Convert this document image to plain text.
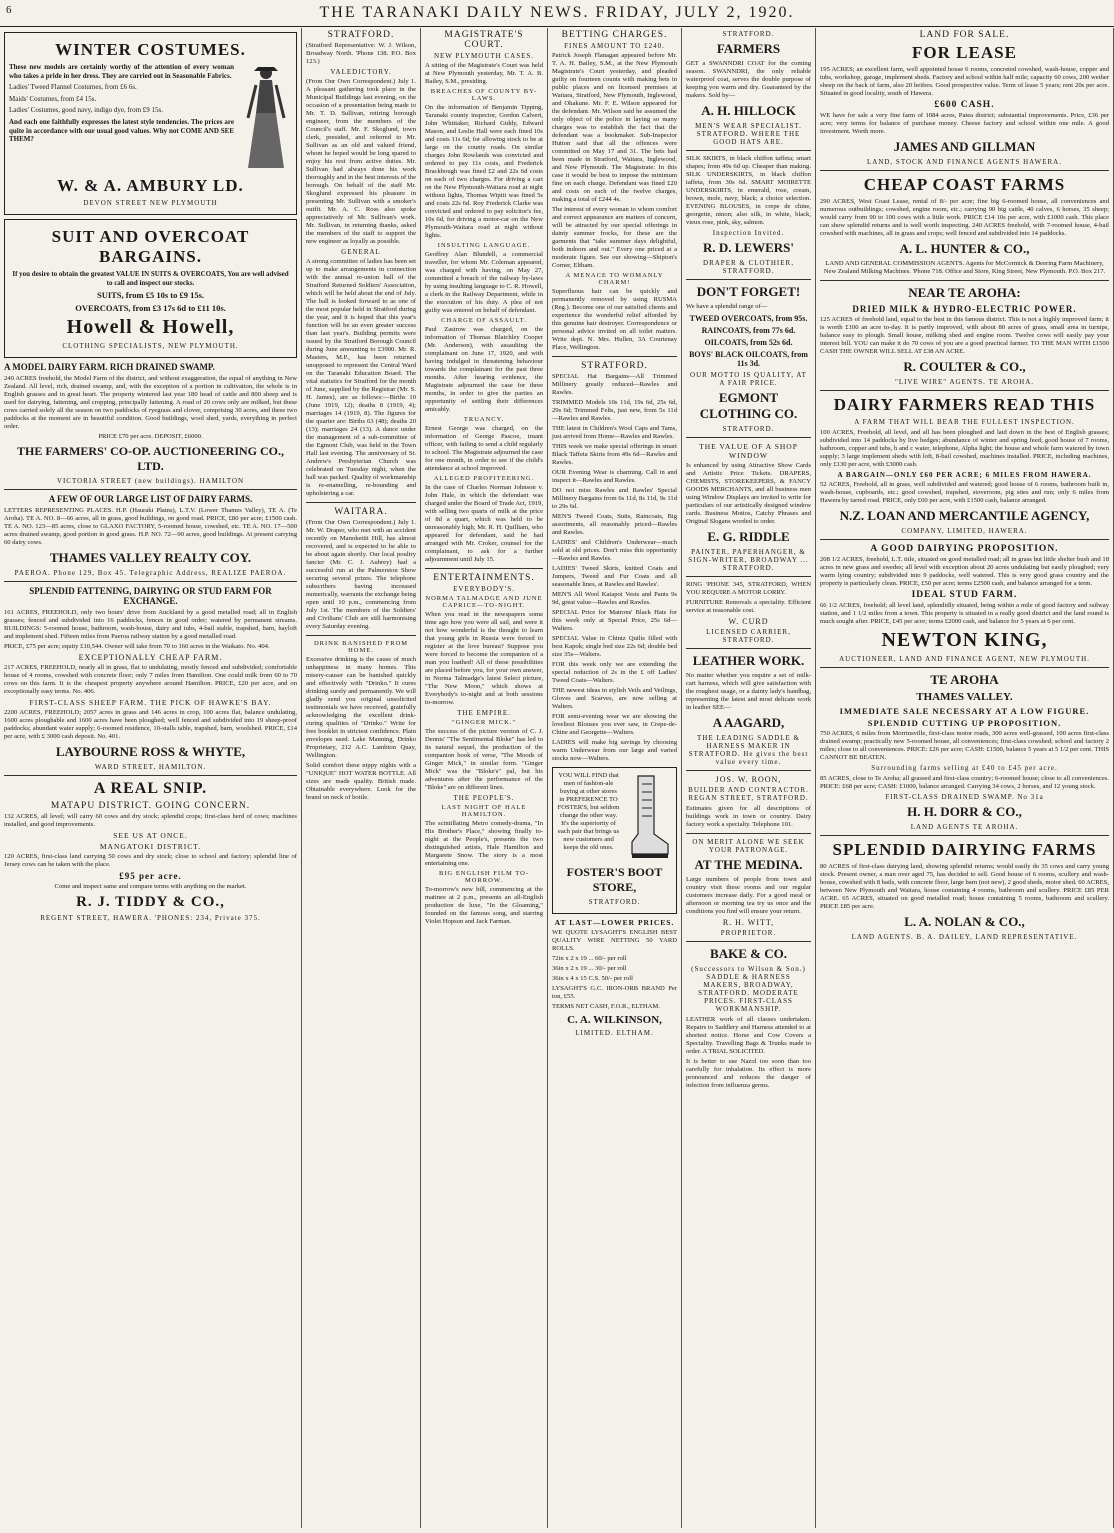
6	THE TARANAKI DAILY NEWS. FRIDAY, JULY 2, 1920.
WINTER COSTUMES.

These new models are certainly worthy of the attention of every woman who takes a pride in her dress. They are carried out in Seasonable Fabrics.

Ladies' Tweed Flannel Costumes, from £6 6s.

Maids' Costumes, from £4 15s.

Ladies' Costumes, good navy, indigo dye, from £9 15s.

And each one faithfully expresses the latest style tendencies. The prices are quite in accordance with our usual good values. Why not COME AND SEE THEM?

W. & A. AMBURY LD.
DEVON STREET NEW PLYMOUTH
SUIT AND OVERCOAT BARGAINS.

If you desire to obtain the greatest VALUE IN SUITS & OVERCOATS, You are well advised to call and inspect our stocks.

SUITS, from £5 10s to £9 15s.
OVERCOATS, from £3 17s 6d to £11 10s.
Howell & Howell,
CLOTHING SPECIALISTS, NEW PLYMOUTH.
A MODEL DAIRY FARM. RICH DRAINED SWAMP.

240 ACRES freehold, the Model Farm of the district, and without exaggeration, the equal of anything in New Zealand. All level, rich, drained swamp, and, with the exception of a portion in cultivation, the whole is in English grasses and in great heart. The property wintered last year 180 head of cattle and 800 sheep and is used for dairying, fattening, and cropping, principally fattening. A road of 20 cows only are milked, but these cows carried solely all the season on two paddocks of ryegrass and clover, comprising 30 acres, and these two paddocks at the moment are in beautiful condition. Good buildings, wool shed, yards, everything in perfect order.

PRICE £70 per acre. DEPOSIT, £6000.

THE FARMERS' CO-OP. AUCTIONEERING CO., LTD.
VICTORIA STREET (new buildings). HAMILTON
A FEW OF OUR LARGE LIST OF DAIRY FARMS.

LETTERS REPRESENTING PLACES. H.P. (Hauraki Plains), L.T.V. (Lower Thames Valley), TE A. (Te Aroha). TE A. NO. 8—66 acres, all in grass, good buildings, on good road. PRICE, £80 per acre; £1500 cash. TE A. NO. 123—85 acres, close to GLAXO FACTORY, 5-roomed house, cowshed, etc. TE A. NO. 17—500 acres drained swamp, good portion in good grass. H.P. NO. 72—90 acres, good buildings. At present carrying 60 dairy cows.

THAMES VALLEY REALTY COY.
PAEROA. Phone 129, Box 45. Telegraphic Address, REALIZE PAEROA.
SPLENDID FATTENING, DAIRYING OR STUD FARM FOR EXCHANGE.

161 ACRES, FREEHOLD, only two hours' drive from Auckland by a good metalled road; all in English grasses; fenced and subdivided into 16 paddocks, fences in good order; watered by permanent streams. BUILDINGS: 5-roomed house, bathroom, wash-house, dairy and tubs, 4-bail stable, trapshed, barn, hayloft and implement shed. Fifteen miles from Paeroa railway station by a good metalled road.

PRICE, £75 per acre; equity £10,544. Owner will take from 70 to 160 acres in the Waikato. No. 404.

EXCEPTIONALLY CHEAP FARM.

217 ACRES, FREEHOLD, nearly all in grass, flat to undulating, mostly fenced and subdivided; comfortable house of 4 rooms, cowshed with concrete floor; only 7 miles from Hamilton. One could milk from 60 to 70 cows on this farm. It is the cheapest property anywhere around Hamilton. PRICE, £20 per acre, and on exceptionally easy terms. No. 406.

FIRST-CLASS SHEEP FARM. THE PICK OF HAWKE'S BAY.

2200 ACRES, FREEHOLD; 2057 acres in grass and 146 acres in crop, 100 acres flat, balance undulating, 1600 acres ploughable and 1600 acres have been ploughed; well fenced and subdivided into 19 sheep-proof paddocks; abundant water supply; 6-roomed residence, 10-stalls table, trapshed, barn, woolshed. PRICE, £14 per acre, with £ 3000 cash deposit. No. 401.

LAYBOURNE ROSS & WHYTE,
WARD STREET, HAMILTON.
A REAL SNIP.
MATAPU DISTRICT. GOING CONCERN.

132 ACRES, all level; will carry 60 cows and dry stock; splendid crops; first-class herd of cows; machines installed, and good improvements.

SEE US AT ONCE.
MANGATOKI DISTRICT.

120 ACRES, first-class land carrying 50 cows and dry stock; close to school and factory; splendid line of Jersey cows can be taken with the place.

£95 per acre.

Come and inspect same and compare terms with anything on the market.

R. J. TIDDY & CO.,
REGENT STREET, HAWERA. 'PHONES: 234, Private 375.
STRATFORD.

(Stratford Representative: W. J. Wilson, Broadway North. 'Phone 138. P.O. Box 123.)

VALEDICTORY.

(From Our Own Correspondent.) July 1. A pleasant gathering took place in the Municipal Buildings last evening, on the occasion of a presentation being made to Mr. T. D. Sullivan, retiring borough engineer, from the members of the Council's staff. Mr. F. Skoglund, town clerk, presided, and referred to Mr. Sullivan as an old and valued friend, whom he hoped would be long spared to enjoy his rest from active duties. Mr. Sullivan had always done his work thoroughly and in the best interests of the borough. On behalf of the staff Mr. Skoglund expressed his pleasure in presenting Mr. Sullivan with a smoker's outfit. Mr. A. C. Ross also spoke appreciatively of Mr. Sullivan's work. Mr. Sullivan, in returning thanks, asked the members of the staff to support the new engineer as loyally as possible.

GENERAL

A strong committee of ladies has been set up to make arrangements in connection with the annual re-union ball of the Stratford Returned Soldiers' Association, which will be held about the end of July. The ball is looked forward to as one of the most popular held in Stratford during the year, and it is hoped that this year's function will be an even greater success than last year's. Building permits were issued by the Stratford Borough Council during June amounting to £3900. Mr. R. Masters, M.P., has been returned unopposed to represent the Central Ward on the Taranaki Education Board. The vital statistics for Stratford for the month of June, supplied by the Registrar (Mr. S. H. James), are as follows:—Births 10 (June 1919, 12); deaths 8 (1919, 4); marriages 14 (1919, 8). The figures for the quarter are: Births 63 (48); deaths 20 (13); marriages 24 (13). A dance under the management of a sub-committee of the Egmont Club, was held in the Town Hall last evening. The anniversary of St. Andrew's Presbyterian Church was celebrated on Tuesday night, when the hall was packed. Quality of workmanship is re-enamelling, re-bounding and upholstering a car.

WAITARA.

(From Our Own Correspondent.) July 1. Mr. W. Draper, who met with an accident recently on Manoketiti Hill, has almost recovered, and is expected to be able to be about again shortly. Our local poultry fancier (Mr. C. J. Aubrey) had a successful run at the Palmerston Show securing several prizes. The telephone subscribers having increased numerically, warrants the exchange being open until 10 p.m., commencing from July 1st. The members of the Soldiers' and Civilians' Club are still harmonising every Saturday evening.

DRINK BANISHED FROM HOME.

Excessive drinking is the cause of much unhappiness in many homes. This misery-causer can be banished quickly and effectively with "Drinko." It cures drinking surely and permanently. We will gladly send you original unsolicited testimonials we have received, gratefully acknowledging the excellent drink-curing qualities of "Drinko." Write for free booklet in strictest confidence. Plain envelopes used. Lake Manning, Drinko Proprietary, 212 A.C. Lambton Quay, Wellington.

Solid comfort these nippy nights with a "UNIQUE" HOT WATER BOTTLE. All sizes are made quality. British made. Obtainable everywhere. Look for the brand on neck of bottle.

MAGISTRATE'S COURT.
NEW PLYMOUTH CASES.

A sitting of the Magistrate's Court was held at New Plymouth yesterday, Mr. T. A. B. Bailey, S.M., presiding.

BREACHES OF COUNTY BY-LAWS.

On the information of Benjamin Tipping, Taranaki county inspector, Gordon Calvert, John Whittaker, Richard Giddy, Edward Mason, and Leslie Hall were each fined 10s and costs 11s 6d, for allowing stock to be at large on the county roads. On similar charges John Rowlands was convicted and ordered to pay 11s costs, and Frederick Brackbough was fined £2 and 22s 6d costs on each of two charges. For driving a cart on the New Plymouth-Waitara road at night without lights, Thomas Wipiti was fined 5s and costs 22s 6d. Roy Frederick Clarke was convicted and ordered to pay solicitor's fee, 10s 6d, for driving a motor-car on the New Plymouth-Waitara road at night without lights.

INSULTING LANGUAGE.

Geoffrey Alan Blundell, a commercial traveller, for whom Mr. Coleman appeared, was charged with having, on May 27, committed a breach of the railway by-laws by using insulting language to C. R. Howell, a clerk in the Railway Department, while in the execution of his duty. A plea of not guilty was entered on behalf of defendant.

CHARGE OF ASSAULT.

Paul Zastrow was charged, on the information of Thomas Blatchley Cooper (Mr. Anderson), with assaulting the complainant on June 17, 1920, and with having indulged in threatening behaviour towards the complainant for the past three months. After hearing evidence, the Magistrate adjourned the case for three months, in order to give the parties an opportunity of settling their differences amicably.

TRUANCY.

Ernest George was charged, on the information of George Pascoe, truant officer, with failing to send a child regularly to school. The Magistrate adjourned the case for one month, in order to see if the child's attendance at school improved.

ALLEGED PROFITEERING.

In the case of Charles Norman Johnson v. John Hale, in which the defendant was charged under the Board of Trade Act, 1919, with selling two quarts of milk at the price of 8d a quart, which was held to be unreasonably high, Mr. R. H. Quilliam, who appeared for defendant, said he had arranged with Mr. Croker, counsel for the complainant, to ask for a further adjournment until July 15.

ENTERTAINMENTS.
EVERYBODY'S.
NORMA TALMADGE AND JUNE CAPRICE—TO-NIGHT.

When you read in the newspapers some time ago how you were all sail, and were it not how wonderful is the thought to learn that young girls in Russia were forced to register at the love bureau? Suppose you were forced to become the companion of a man you loathed! All of these possibilities are placed before you, for your own answer, in Norma Talmadge's latest Select picture, "The New Moon," which shows at Everybody's to-night and at both sessions to-morrow.

THE EMPIRE.
"GINGER MICK."

The success of the picture version of C. J. Dennis' "The Sentimental Bloke" has led to its natural sequel, the production of the companion book of verse, "The Moods of Ginger Mick," in similar form. "Ginger Mick" was the "Bloke's" pal, but his adventures after the performance of the "Bloke" are on different lines.

THE PEOPLE'S.
LAST NIGHT OF HALE HAMILTON.

The scintillating Metro comedy-drama, "In His Brother's Place," showing finally to-night at the People's, presents the two distinguished artists, Hale Hamilton and Margarete Snow. The story is a most entertaining one.

BIG ENGLISH FILM TO-MORROW.

To-morrow's new bill, commencing at the matinee at 2 p.m., presents an all-English production de luxe, "In the Gloaming," founded on the famous song, and starring Violet Hopson and Jack Farman.

BETTING CHARGES.
FINES AMOUNT TO £240.

Patrick Joseph Flanagan appeared before Mr. T. A. H. Bailey, S.M., at the New Plymouth Magistrate's Court yesterday, and pleaded guilty on fourteen counts with making bets in public places and on licensed premises at Waitara, Stratford, New Plymouth, Inglewood, and Ohakune. Mr. F. E. Wilson appeared for the defendant. Mr. Wilson said he assumed the only object of the police in laying so many charges was to establish the fact that the defendant was a bookmaker. Sub-Inspector Hutton said that all the offences were committed on May 17 and 31. The bets had been made in Stratford, Waitara, Inglewood, and New Plymouth. The Magistrate: In this case it would be best to impose the minimum fine on each charge. Defendant was fined £20 and costs on each of the twelve charges, making a total of £244 4s.

The interest of every woman to whom comfort and correct appearance are matters of concern, will be attracted by our special offerings in dainty summer frocks, for these are the garments that "take summer days delightful, both indoors and out." Every one priced at a moderate figure. See our showing—Shipton's Corner, Eltham.

A MENACE TO WOMANLY CHARM!

Superfluous hair can be quickly and permanently removed by using RUSMA (Reg.). Become one of our satisfied clients and experience the wonderful relief afforded by this genuine hair destroyer. Correspondence or personal advice invited on all toilet matters. Write dept. N. Mrs. Hullen, 3A Courtenay Place, Wellington.

STRATFORD.

SPECIAL Hat Bargains—All Trimmed Millinery greatly reduced—Rawles and Rawles.

TRIMMED Models 10s 11d, 19s 6d, 25s 6d, 29s 6d; Trimmed Felts, just new, from 5s 11d—Rawles and Rawles.

THE latest in Children's Wool Caps and Tams, just arrived from Home—Rawles and Rawles.

THIS week we make special offerings in smart Black Taffeta Skirts from 49s 6d—Rawles and Rawles.

OUR Evening Wear is charming. Call in and inspect it—Rawles and Rawles.

DO not miss Rawles and Rawles' Special Millinery Bargains from 6s 11d, 8s 11d, 9s 11d to 29s 6d.

MEN'S Tweed Coats, Suits, Raincoats, Big assortments, all reasonably priced—Rawles and Rawles.

LADIES' and Children's Underwear—much sold at old prices. Don't miss this opportunity—Rawles and Rawles.

LADIES' Tweed Skirts, knitted Coats and Jumpers, Tweed and Fur Coats and all seasonable lines, at Rawles and Rawles'.

MEN'S All Wool Kaiapoi Vests and Pants 9s 9d, great value—Rawles and Rawles.

SPECIAL Price for Matrons' Black Hats for this week only at Special Price, 25s 6d—Walters.

SPECIAL Value in Chintz Quilts filled with best Kapok; single bed size 22s 6d; double bed size 35s—Walters.

FOR this week only we are extending the special reduction of 2s in the £ off Ladies' Tweed Coats—Walters.

THE newest ideas in stylish Veils and Veilings, Gloves and Scarves, are now selling at Walters.

FOR semi-evening wear we are showing the loveliest Blouses you ever saw, in Crepe-de-Chine and Georgette—Walters.

LADIES will make big savings by choosing warm Underwear from our large and varied stocks now—Walters.

YOU WILL FIND that men of fashion-ale buying at other stores in PREFERENCE TO FOSTER'S, but seldom change the other way. It's the superiority of each pair that brings us new customers and keeps the old ones.

FOSTER'S BOOT STORE,
STRATFORD.
AT LAST—LOWER PRICES.

WE QUOTE LYSAGHT'S ENGLISH BEST QUALITY WIRE NETTING 50 YARD ROLLS.

72in x 2 x 19 ... 60/- per roll

36in x 2 x 19 ... 30/- per roll

36in x 4 x 15 C.S. 50/- per roll

LYSAGHT'S G.C. IRON-ORB BRAND Per ton, £55.

TERMS NET CASH, F.O.R., ELTHAM.

C. A. WILKINSON,
LIMITED. ELTHAM.
STRATFORD.
FARMERS

GET a SWANNDRI COAT for the coming season. SWANNDRI, the only reliable waterproof coat, serves the double purpose of keeping you warm and dry. Guaranteed by the makers. Sold by—

A. H. HILLOCK
MEN'S WEAR SPECIALIST. STRATFORD. WHERE THE GOOD HATS ARE.

SILK SKIRTS, in black chiffon taffeta; smart shapes; from 49s 6d up. Cheaper than making. SILK UNDERSKIRTS, in black chiffon taffeta, from 30s 6d. SMART MOIRETTE UNDERSKIRTS, in emerald, rose, cream, brown, mole, navy, black; a choice selection. EVENING BLOUSES, in crepe de chine, georgette, ninon; also silk, in white, black, vieux rose, pink, sky, salmon.

Inspection Invited.
R. D. LEWERS'
DRAPER & CLOTHIER, STRATFORD.
DON'T FORGET!

We have a splendid range of—

TWEED OVERCOATS, from 95s.
RAINCOATS, from 77s 6d.
OILCOATS, from 52s 6d.
BOYS' BLACK OILCOATS, from 11s 3d.
OUR MOTTO IS QUALITY, AT A FAIR PRICE.
EGMONT CLOTHING CO.
STRATFORD.
THE VALUE OF A SHOP WINDOW

Is enhanced by using Attractive Show Cards and Artistic Price Tickets. DRAPERS, CHEMISTS, STOREKEEPERS, & FANCY GOODS MERCHANTS, and all business men using Window Displays are invited to write for particulars of our artistically designed window cards. Business Mottos, Catchy Phrases and Original Slogans worded to order.

E. G. RIDDLE
PAINTER, PAPERHANGER, & SIGN-WRITER, BROADWAY ... STRATFORD.

RING 'PHONE 345, STRATFORD, WHEN YOU REQUIRE A MOTOR LORRY.

FURNITURE Removals a speciality. Efficient service at reasonable cost.

W. CURD
LICENSED CARRIER, STRATFORD.
LEATHER WORK.

No matter whether you require a set of milk-cart harness, which will give satisfaction with the roughest usage, or a dainty lady's handbag, representing the latest and most delicate work in leather SEE—

A AAGARD,
THE LEADING SADDLE & HARNESS MAKER IN STRATFORD. He gives the best value every time.
JOS. W. ROON,
BUILDER AND CONTRACTOR. REGAN STREET, STRATFORD.

Estimates given for all descriptions of buildings work in town or country. Dairy factory work a specialty. Telephone 101.

ON MERIT ALONE WE SEEK YOUR PATRONAGE.
AT THE MEDINA.

Large numbers of people from town and country visit these rooms and our regular customers increase daily. For a good meal or afternoon or morning tea try us once and the conditions you find will ensure your return.

R. H. WITT,
PROPRIETOR.
BAKE & CO.
(Successors to Wilson & Son.) SADDLE & HARNESS MAKERS, BROADWAY, STRATFORD. MODERATE PRICES. FIRST-CLASS WORKMANSHIP.

LEATHER work of all classes undertaken. Repairs to Saddlery and Harness attended to at shortest notice. Horse and Cow Covers a Speciality. Travelling Bags & Trunks made to order. A TRIAL SOLICITED.

It is better to use Nazol too soon than too carefully for inhalation. Its effect is more pronounced and reduces the danger of infection from influenza germs.

LAND FOR SALE.
FOR LEASE

195 ACRES; an excellent farm, well appointed house 6 rooms, concreted cowshed, wash-house, copper and tubs, workshop, garage, implement sheds. Factory and school within half mile; capacity 60 cows, 200 wether sheep on the back of farm, also 20 heifers. Good prospective value. Term of lease 5 years; rent 20s per acre. Situated in good locality, south of Hawera.

£600 CASH.

WE have for sale a very fine farm of 1084 acres, Patea district; substantial improvements. Price, £36 per acre; very terms for balance of purchase money. Cheese factory and school within one mile. A good investment. Worth more.

JAMES AND GILLMAN
LAND, STOCK AND FINANCE AGENTS HAWERA.
CHEAP COAST FARMS

290 ACRES, West Coast Lease, rental of 8/- per acre; fine big 6-roomed house, all conveniences and numerous outbuildings; cowshed, engine room, etc.; carrying 90 big cattle, 40 calves, 6 horses, 35 sheep; would carry from 90 to 100 cows with a little work. PRICE £14 10s per acre, with £1000 cash. This place can show splendid returns and is well worth inspecting. 240 ACRES freehold, with 7-roomed house, 4-bail cowshed with machines, all in grass and crops; well fenced and subdivided into 14 paddocks.

A. L. HUNTER & CO.,

LAND AND GENERAL COMMISSION AGENTS. Agents for McCormick & Deering Farm Machinery, New Zealand Milking Machines. 'Phone 718. Office and Store, King Street, New Plymouth. P.O. Box 217.

NEAR TE AROHA:
DRIED MILK & HYDRO-ELECTRIC POWER.

125 ACRES of freehold land, equal to the best in this famous district. This is not a highly improved farm; it is worth £100 an acre to-day. It is partly improved, with about 80 acres of grass, small area in turnips, balance easy to plough. Small house, milking shed and engine room. Twelve cows will easily pay your interest bill. YOU can make it do 70 cows of you are a good practical farmer. TO THE MAN WITH £1500 CASH THE OWNER WILL SELL AT £38 AN ACRE.

R. COULTER & CO.,
"LIVE WIRE" AGENTS. TE AROHA.
DAIRY FARMERS READ THIS
A FARM THAT WILL BEAR THE FULLEST INSPECTION.

100 ACRES, Freehold, all level, and all has been ploughed and laid down in the best of English grasses; subdivided into 14 paddocks by live hedges; abundance of winter and spring feed; good house of 7 rooms, bathroom, copper and tubs, h and c water, telephone, Alpha light; the house and whole farm watered by town supply; 3 large implement sheds with loft, 8-bail cowshed, machines installed. PRICE, including machines, only £130 per acre, with £3000 cash.

A BARGAIN—ONLY £60 PER ACRE; 6 MILES FROM HAWERA.

52 ACRES, Freehold, all in grass, well subdivided and watered; good house of 6 rooms, bathroom built in, wash-house, cupboards, etc.; good cowshed, trapshed, stoveroom, pig sties and run; only 6 miles from Hawera by tarred road. PRICE, only £60 per acre, with £1500 cash, balance arranged.

N.Z. LOAN AND MERCANTILE AGENCY,
COMPANY, LIMITED, HAWERA.
A GOOD DAIRYING PROPOSITION.

208 1/2 ACRES, freehold, L.T. title, situated on good metalled road; all in grass but little shelter bush and 18 acres in new grass and swedes; all level with exception about 20 acres undulating but easily ploughed; very warm lying country; subdivided into 9 paddocks, well watered. This is very good grass country and the property is particularly clean. PRICE, £50 per acre; terms £2500 cash, and balance arranged for a term.

IDEAL STUD FARM.

66 1/2 ACRES, freehold; all level land, splendidly situated, being within a mile of good factory and railway station, and 1 1/2 miles from a town. This property is situated in a really good district and the land round is much sought after. PRICE, £45 per acre; terms £2000 cash, and balance for 5 years at 6 per cent.

NEWTON KING,
AUCTIONEER, LAND AND FINANCE AGENT, NEW PLYMOUTH.
TE AROHA
THAMES VALLEY.
IMMEDIATE SALE NECESSARY AT A LOW FIGURE.
SPLENDID CUTTING UP PROPOSITION.

750 ACRES, 6 miles from Morrinsville, first-class motor roads, 300 acres well-grassed, 100 acres first-class drained swamp; practically new 5-roomed house, all conveniences; first-class cowshed; school and factory 2 miles; close to all conveniences. PRICE: £26 per acre; CASH: £1500, balance 5 years at 5 1/2 per cent. THIS CANNOT BE BEATEN.

Surrounding farms selling at £40 to £45 per acre.

85 ACRES, close to Te Aroha; all grassed and first-class country; 6-roomed house; close to all conveniences. PRICE: £68 per acre; CASH: £1000, balance arranged. Carrying 34 cows, 2 horses, and 12 young stock.

FIRST-CLASS DRAINED SWAMP. No 31a
H. H. DORR & CO.,
LAND AGENTS TE AROHA.
SPLENDID DAIRYING FARMS

80 ACRES of first-class dairying land, showing splendid returns; would easily do 35 cows and carry young stock. Present owner, a man over aged 75, has decided to sell. Good house of 6 rooms, scullery and wash-house, cowshed with 8 bails, with concrete floor, large barn (not new), 2 good sheds, motor shed. 60 ACRES, between New Plymouth and Waitara, house containing 4 rooms, bathroom and scullery. PRICE £85 PER ACRE. 65 ACRES, situated on good metalled road; house containing 5 rooms, bathroom and scullery. PRICE £85 per acre.

L. A. NOLAN & CO.,
LAND AGENTS. B. A. DAILEY, LAND REPRESENTATIVE.
